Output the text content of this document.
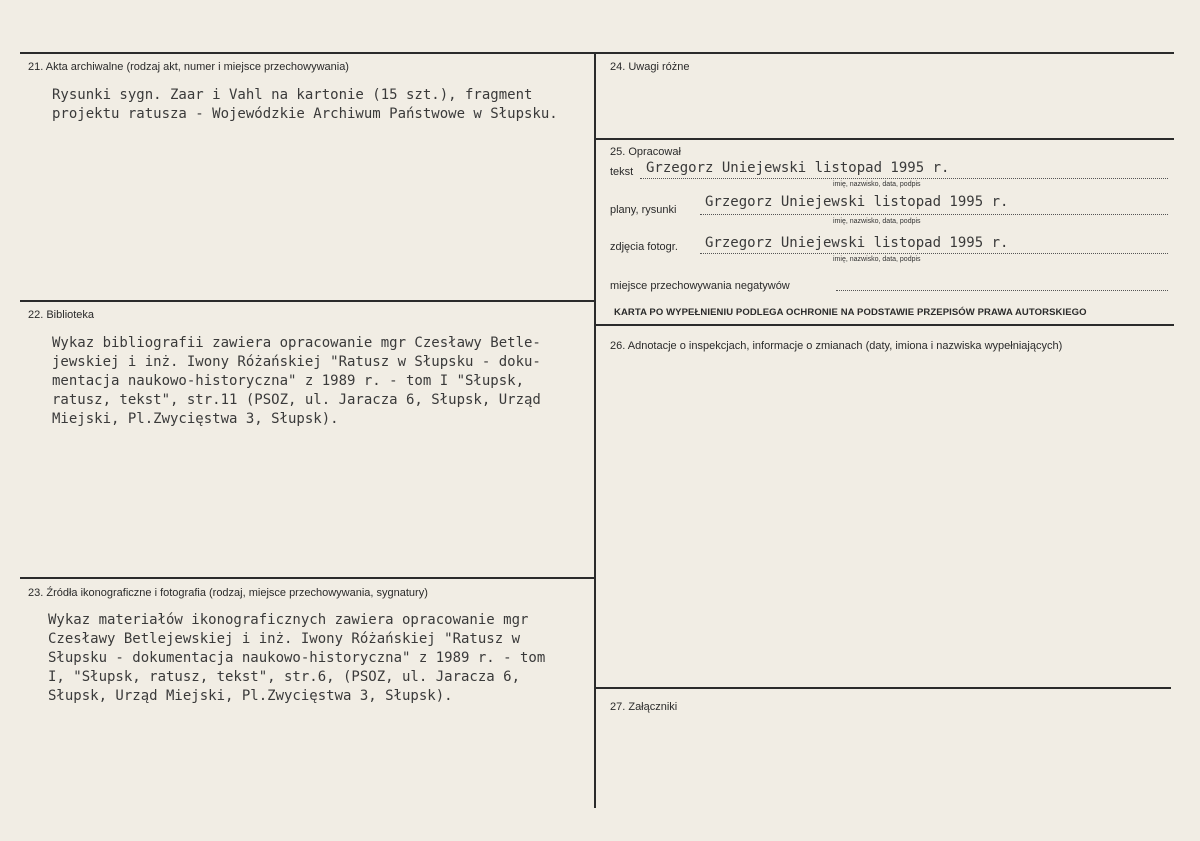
21. Akta archiwalne (rodzaj akt, numer i miejsce przechowywania)
Rysunki sygn. Zaar i Vahl na kartonie (15 szt.), fragment
projektu ratusza - Wojewódzkie Archiwum Państwowe w Słupsku.
22. Biblioteka
Wykaz bibliografii zawiera opracowanie mgr Czesławy Betle-
jewskiej i inż. Iwony Różańskiej "Ratusz w Słupsku - doku-
mentacja naukowo-historyczna" z 1989 r. - tom I "Słupsk,
ratusz, tekst", str.11 (PSOZ, ul. Jaracza 6, Słupsk, Urząd
Miejski, Pl.Zwycięstwa 3, Słupsk).
23. Źródła ikonograficzne i fotografia (rodzaj, miejsce przechowywania, sygnatury)
Wykaz materiałów ikonograficznych zawiera opracowanie mgr
Czesławy Betlejewskiej i inż. Iwony Różańskiej "Ratusz w
Słupsku - dokumentacja naukowo-historyczna" z 1989 r. - tom
I, "Słupsk, ratusz, tekst", str.6, (PSOZ, ul. Jaracza 6,
Słupsk, Urząd Miejski, Pl.Zwycięstwa 3, Słupsk).
24. Uwagi różne
25. Opracował
tekst Grzegorz Uniejewski listopad 1995 r.
imię, nazwisko, data, podpis
plany, rysunki Grzegorz Uniejewski listopad 1995 r.
imię, nazwisko, data, podpis
zdjęcia fotogr. Grzegorz Uniejewski listopad 1995 r.
imię, nazwisko, data, podpis
miejsce przechowywania negatywów
KARTA PO WYPEŁNIENIU PODLEGA OCHRONIE NA PODSTAWIE PRZEPISÓW PRAWA AUTORSKIEGO
26. Adnotacje o inspekcjach, informacje o zmianach (daty, imiona i nazwiska wypełniających)
27. Załączniki
